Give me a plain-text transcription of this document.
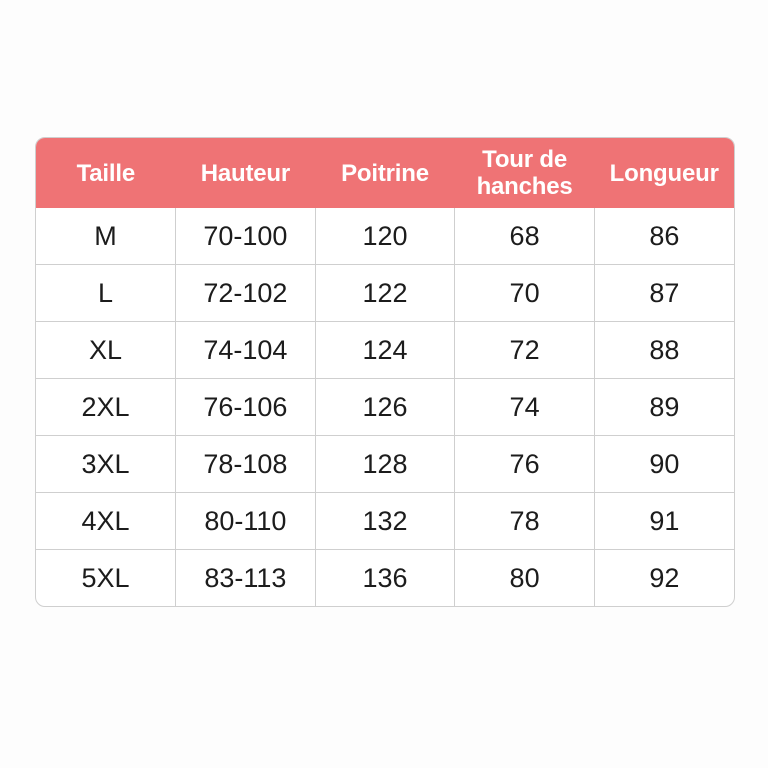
Taille	Hauteur	Poitrine	Tour de hanches	Longueur
M	70-100	120	68	86
L	72-102	122	70	87
XL	74-104	124	72	88
2XL	76-106	126	74	89
3XL	78-108	128	76	90
4XL	80-110	132	78	91
5XL	83-113	136	80	92
